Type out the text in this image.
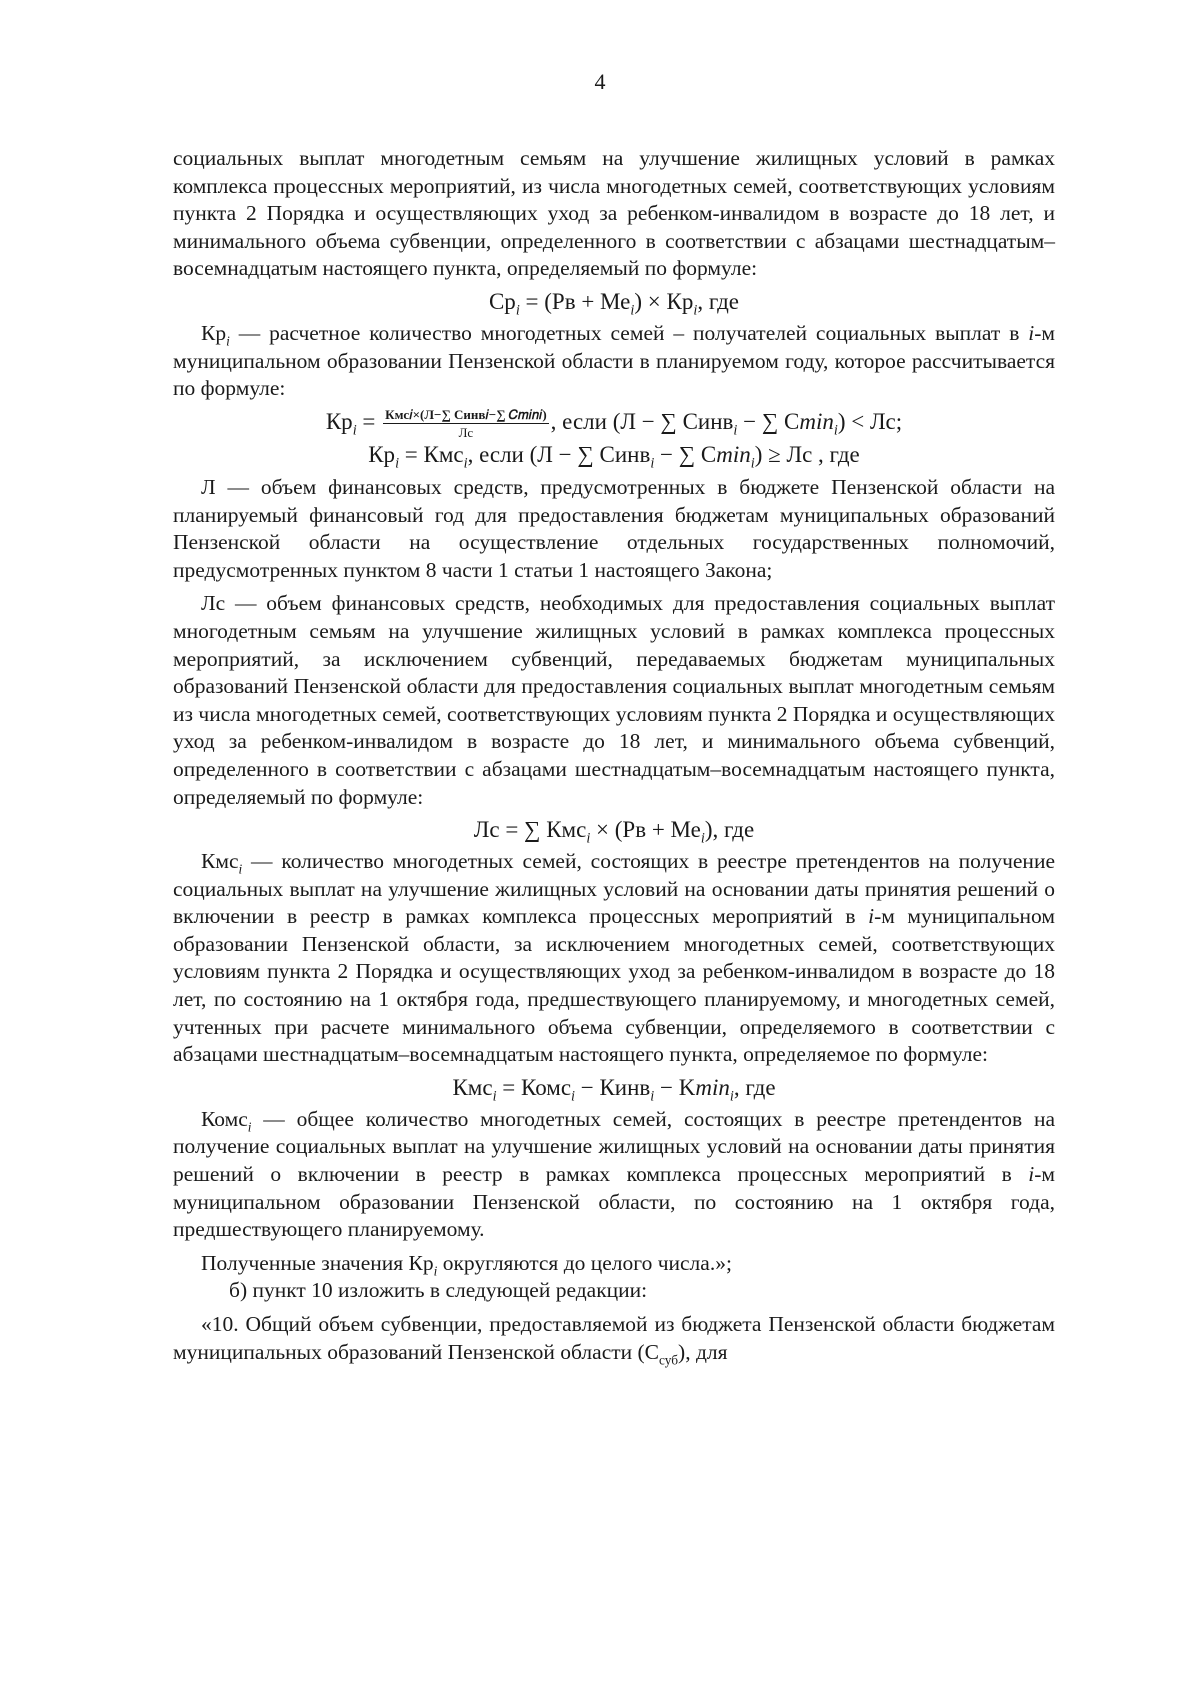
4

социальных выплат многодетным семьям на улучшение жилищных условий в рамках комплекса процессных мероприятий, из числа многодетных семей, соответствующих условиям пункта 2 Порядка и осуществляющих уход за ребенком-инвалидом в возрасте до 18 лет, и минимального объема субвенции, определенного в соответствии с абзацами шестнадцатым–восемнадцатым настоящего пункта, определяемый по формуле:

$Ср_i = (Рв + Ме_i) \times Кр_i$, где

$Кр_i$ — расчетное количество многодетных семей – получателей социальных выплат в i-м муниципальном образовании Пензенской области в планируемом году, которое рассчитывается по формуле:

$Кр_i = \frac{\text{Кмс𝑖×(Л−∑ Синв𝑖−∑ 𝐶𝑚𝑖𝑛𝑖)}}{Лс}$ , если (Л − ∑ Синв$_i$ − ∑ Cmin$_i$) < Лс;
$Кр_i = Кмс_i$, если (Л − ∑ Синв$_i$ − ∑ Cmin$_i$) ≥ Лс , где

Л — объем финансовых средств, предусмотренных в бюджете Пензенской области на планируемый финансовый год для предоставления бюджетам муниципальных образований Пензенской области на осуществление отдельных государственных полномочий, предусмотренных пунктом 8 части 1 статьи 1 настоящего Закона;

Лс — объем финансовых средств, необходимых для предоставления социальных выплат многодетным семьям на улучшение жилищных условий в рамках комплекса процессных мероприятий, за исключением субвенций, передаваемых бюджетам муниципальных образований Пензенской области для предоставления социальных выплат многодетным семьям из числа многодетных семей, соответствующих условиям пункта 2 Порядка и осуществляющих уход за ребенком-инвалидом в возрасте до 18 лет, и минимального объема субвенций, определенного в соответствии с абзацами шестнадцатым–восемнадцатым настоящего пункта, определяемый по формуле:

Лс = ∑ $Кмс_i \times (Рв + Ме_i)$, где

Кмс$_i$ — количество многодетных семей, состоящих в реестре претендентов на получение социальных выплат на улучшение жилищных условий на основании даты принятия решений о включении в реестр в рамках комплекса процессных мероприятий в i-м муниципальном образовании Пензенской области, за исключением многодетных семей, соответствующих условиям пункта 2 Порядка и осуществляющих уход за ребенком-инвалидом в возрасте до 18 лет, по состоянию на 1 октября года, предшествующего планируемому, и многодетных семей, учтенных при расчете минимального объема субвенции, определяемого в соответствии с абзацами шестнадцатым–восемнадцатым настоящего пункта, определяемое по формуле:

Кмс$_i$ = Комс$_i$ − Кинв$_i$ − Kmin$_i$, где

Комс$_i$ — общее количество многодетных семей, состоящих в реестре претендентов на получение социальных выплат на улучшение жилищных условий на основании даты принятия решений о включении в реестр в рамках комплекса процессных мероприятий в i-м муниципальном образовании Пензенской области, по состоянию на 1 октября года, предшествующего планируемому.

Полученные значения $Кр_i$ округляются до целого числа.»;

б) пункт 10 изложить в следующей редакции:

«10. Общий объем субвенции, предоставляемой из бюджета Пензенской области бюджетам муниципальных образований Пензенской области $(С_{суб})$, для
